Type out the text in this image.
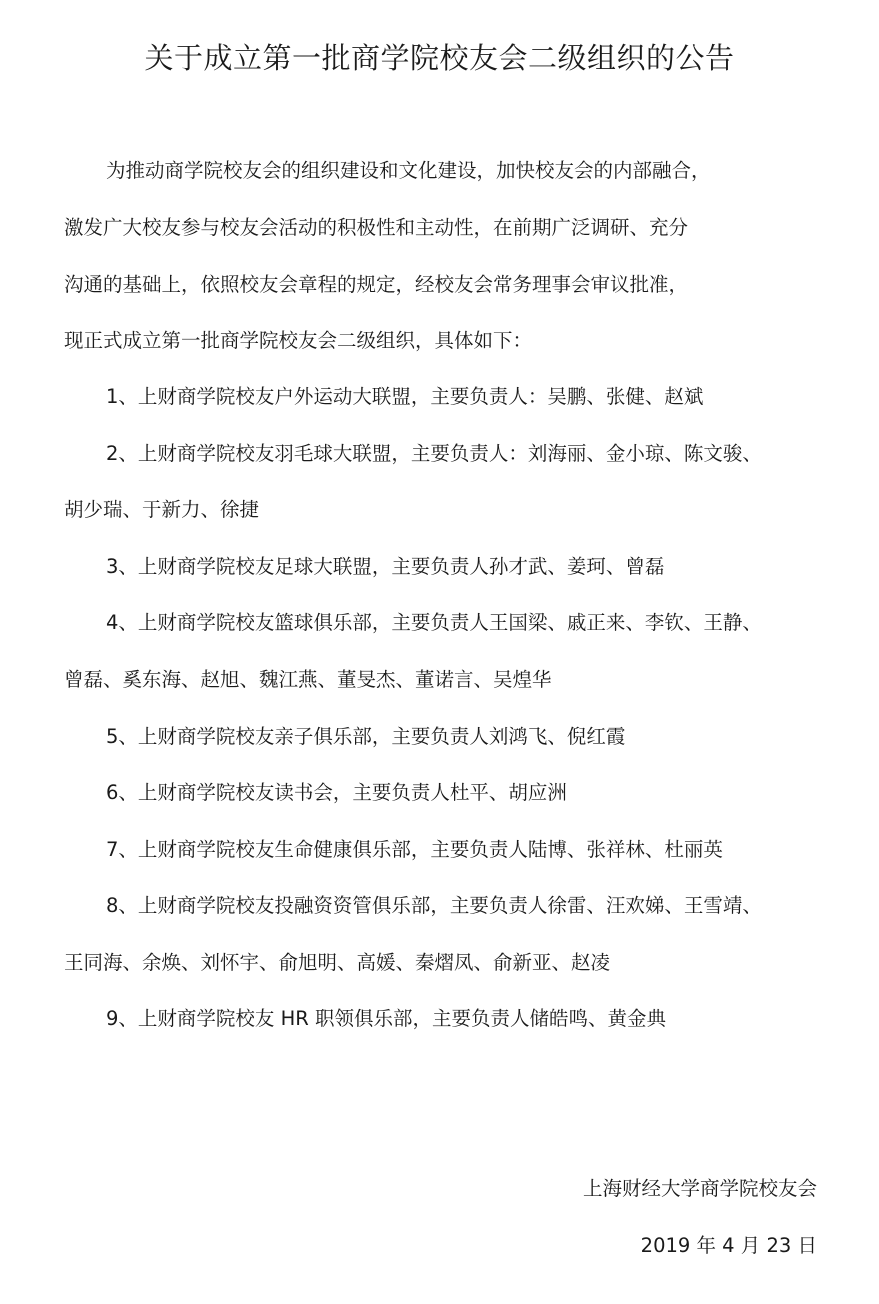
关于成立第一批商学院校友会二级组织的公告
为推动商学院校友会的组织建设和文化建设，加快校友会的内部融合，
激发广大校友参与校友会活动的积极性和主动性，在前期广泛调研、充分
沟通的基础上，依照校友会章程的规定，经校友会常务理事会审议批准，
现正式成立第一批商学院校友会二级组织，具体如下：
1、上财商学院校友户外运动大联盟，主要负责人：吴鹏、张健、赵斌
2、上财商学院校友羽毛球大联盟，主要负责人：刘海丽、金小琼、陈文骏、
胡少瑞、于新力、徐捷
3、上财商学院校友足球大联盟，主要负责人孙才武、姜珂、曾磊
4、上财商学院校友篮球俱乐部，主要负责人王国梁、戚正来、李钦、王静、
曾磊、奚东海、赵旭、魏江燕、董旻杰、董诺言、吴煌华
5、上财商学院校友亲子俱乐部，主要负责人刘鸿飞、倪红霞
6、上财商学院校友读书会，主要负责人杜平、胡应洲
7、上财商学院校友生命健康俱乐部，主要负责人陆博、张祥林、杜丽英
8、上财商学院校友投融资资管俱乐部，主要负责人徐雷、汪欢娣、王雪靖、
王同海、余焕、刘怀宇、俞旭明、高媛、秦熠凤、俞新亚、赵凌
9、上财商学院校友 HR 职领俱乐部，主要负责人储皓鸣、黄金典
上海财经大学商学院校友会
2019 年 4 月 23 日
